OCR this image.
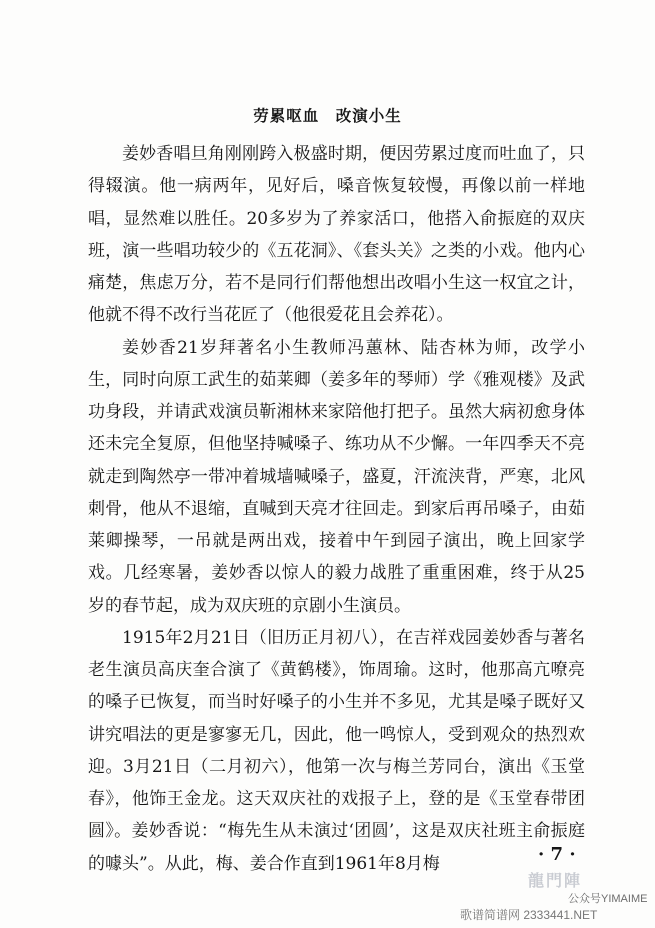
劳累呕血　改演小生

姜妙香唱旦角刚刚跨入极盛时期，便因劳累过度而吐血了，只得辍演。他一病两年，见好后，嗓音恢复较慢，再像以前一样地唱，显然难以胜任。20多岁为了养家活口，他搭入俞振庭的双庆班，演一些唱功较少的《五花洞》、《套头关》之类的小戏。他内心痛楚，焦虑万分，若不是同行们帮他想出改唱小生这一权宜之计，他就不得不改行当花匠了（他很爱花且会养花）。

姜妙香21岁拜著名小生教师冯蕙林、陆杏林为师，改学小生，同时向原工武生的茹莱卿（姜多年的琴师）学《雅观楼》及武功身段，并请武戏演员靳湘林来家陪他打把子。虽然大病初愈身体还未完全复原，但他坚持喊嗓子、练功从不少懈。一年四季天不亮就走到陶然亭一带冲着城墙喊嗓子，盛夏，汗流浃背，严寒，北风刺骨，他从不退缩，直喊到天亮才往回走。到家后再吊嗓子，由茹莱卿操琴，一吊就是两出戏，接着中午到园子演出，晚上回家学戏。几经寒暑，姜妙香以惊人的毅力战胜了重重困难，终于从25岁的春节起，成为双庆班的京剧小生演员。

1915年2月21日（旧历正月初八），在吉祥戏园姜妙香与著名老生演员高庆奎合演了《黄鹤楼》，饰周瑜。这时，他那高亢嘹亮的嗓子已恢复，而当时好嗓子的小生并不多见，尤其是嗓子既好又讲究唱法的更是寥寥无几，因此，他一鸣惊人，受到观众的热烈欢迎。3月21日（二月初六），他第一次与梅兰芳同台，演出《玉堂春》，他饰王金龙。这天双庆社的戏报子上，登的是《玉堂春带团圆》。姜妙香说：“梅先生从未演过‘团圆’，这是双庆社班主俞振庭的噱头”。从此，梅、姜合作直到1961年8月梅	· 7 ·
龍門陣
公众号YIMAIME
歌谱简谱网 2333441.NET
